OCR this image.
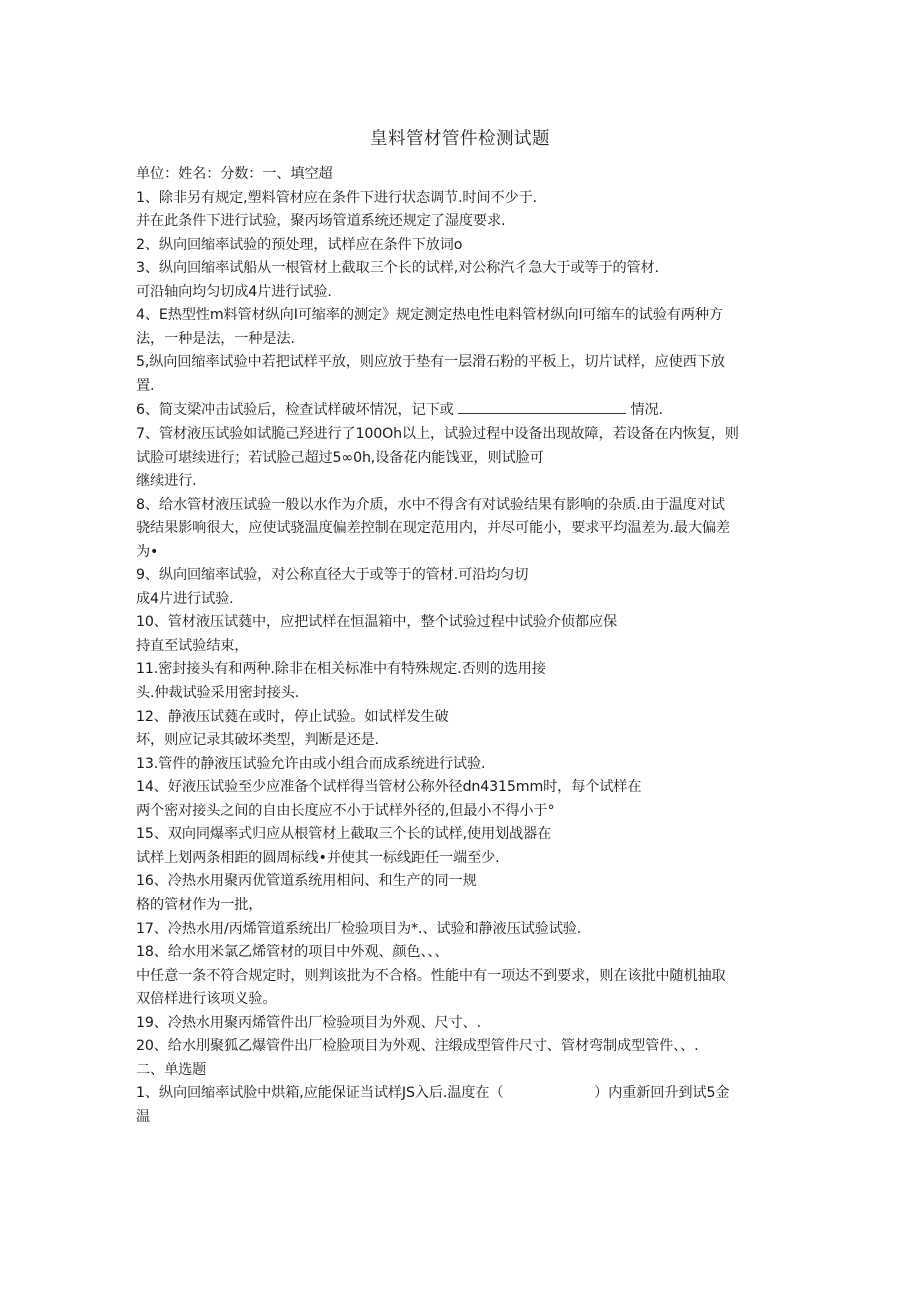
皇料管材管件检测试题
单位：姓名：分数：一、填空超
1、除非另有规定,塑料管材应在条件下进行状态调节.时间不少于.
并在此条件下进行试验，聚丙场管道系统还规定了湿度要求.
2、纵向回缩率试验的预处理，试样应在条件下放词o
3、纵向回缩率试船从一根管材上截取三个长的试样,对公称汽彳急大于或等于的管材.
可沿轴向均匀切成4片进行试验.
4、E热型性m料管材纵向I可缩率的测定》规定测定热电性电料管材纵向I可缩车的试验有两种方
法，一种是法，一种是法.
5,纵向回缩率试验中若把试样平放，则应放于垫有一层滑石粉的平板上，切片试样，应使西下放
置.
6、简支梁冲击试验后，检查试样破坏情况，记下或	情况.
7、管材液压试验如试脆己羟进行了100Oh以上，试验过程中设备出现故障，若设备在内恢复，则
试脸可堪续进行；若试脸己超过5∞0h,设备花内能饯亚，则试脸可
继续进行.
8、给水管材液压试验一般以水作为介质，水中不得含有对试验结果有影响的杂质.由于温度对试
骁结果影响很大，应使试骁温度偏差控制在现定范用内，并尽可能小，要求平均温差为.最大偏差
为•
9、纵向回缩率试验，对公称直径大于或等于的管材.可沿均匀切
成4片进行试验.
10、管材液压试蕤中，应把试样在恒温箱中，整个试验过程中试验介侦都应保
持直至试验结束，
11.密封接头有和两种.除非在相关标准中有特殊规定.否则的选用接
头.仲裁试验采用密封接头.
12、静液压试蕤在或时，停止试验。如试样发生破
坏，则应记录其破坏类型，判断是还是.
13.管件的静液压试验允许由或小组合而成系统进行试验.
14、好液压试验至少应准备个试样得当管材公称外径dn4315mm时，每个试样在
两个密对接头之间的自由长度应不小于试样外径的,但最小不得小于°
15、双向同爆率式归应从根管材上截取三个长的试样,使用划战器在
试样上划两条相距的圆周标线•并使其一标线距任一端至少.
16、冷热水用聚丙优管道系统用相问、和生产的同一规
格的管材作为一批，
17、冷热水用/丙烯管道系统出厂检验项目为*.、试验和静液压试验试验.
18、给水用米氯乙烯管材的项目中外观、颜色、、、
中任意一条不符合规定时，则判该批为不合格。性能中有一项达不到要求，则在该批中随机抽取
双倍样进行该项义验。
19、冷热水用聚丙烯管件出厂检验项目为外观、尺寸、.
20、给水刖聚狐乙爆管件出厂检脸项目为外观、注缎成型管件尺寸、管材弯制成型管件、、.
二、单选题
1、纵向回缩率试脸中烘箱,应能保证当试样JS入后.温度在（	）内重新回升到试5金
温
